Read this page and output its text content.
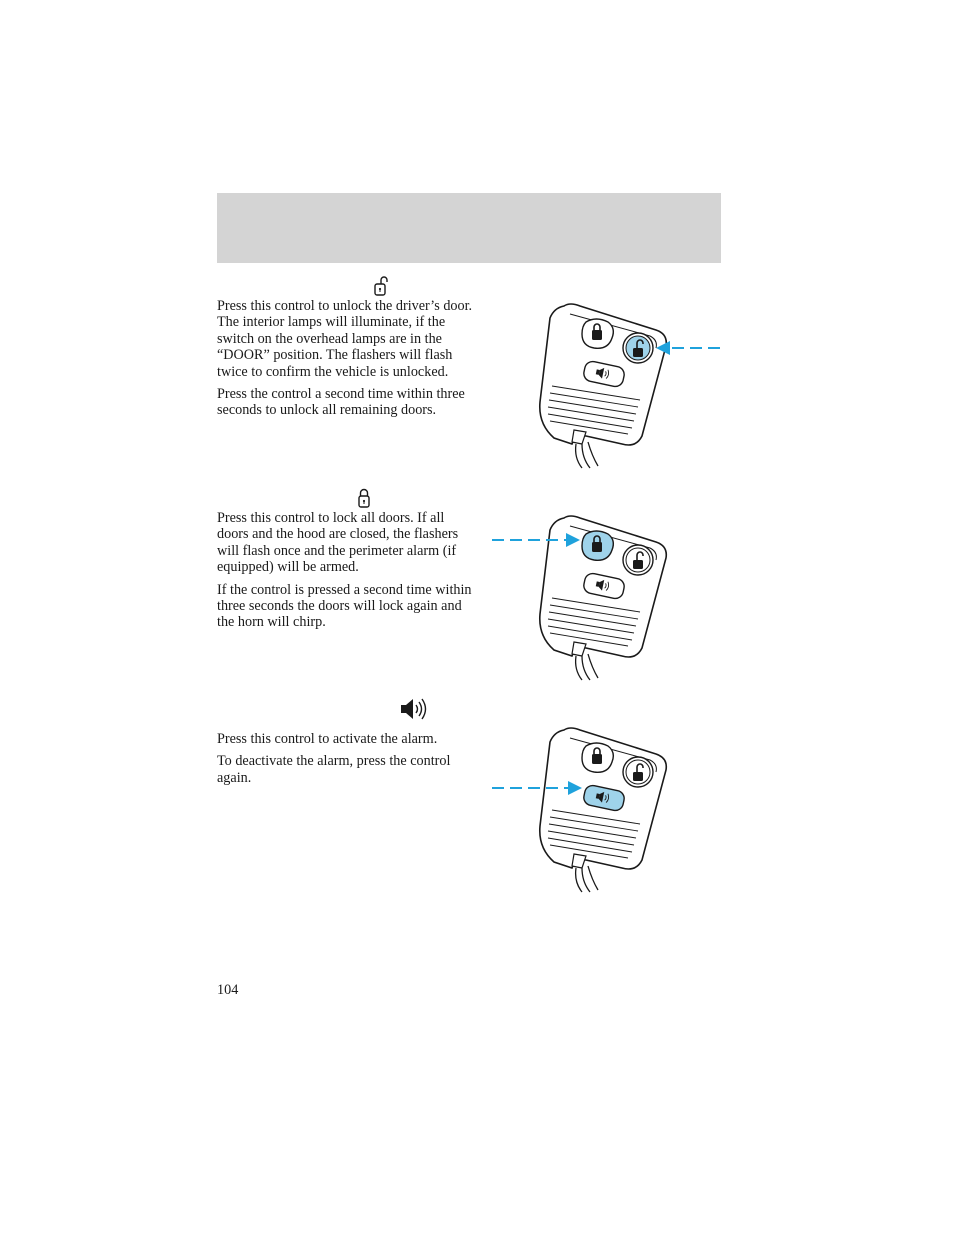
Press this control to unlock the driver’s door. The interior lamps will illuminate, if the switch on the overhead lamps are in the “DOOR” position. The flashers will flash twice to confirm the vehicle is unlocked.

Press the control a second time within three seconds to unlock all remaining doors.

Press this control to lock all doors. If all doors and the hood are closed, the flashers will flash once and the perimeter alarm (if equipped) will be armed.

If the control is pressed a second time within three seconds the doors will lock again and the horn will chirp.

Press this control to activate the alarm.

To deactivate the alarm, press the control again.

104
